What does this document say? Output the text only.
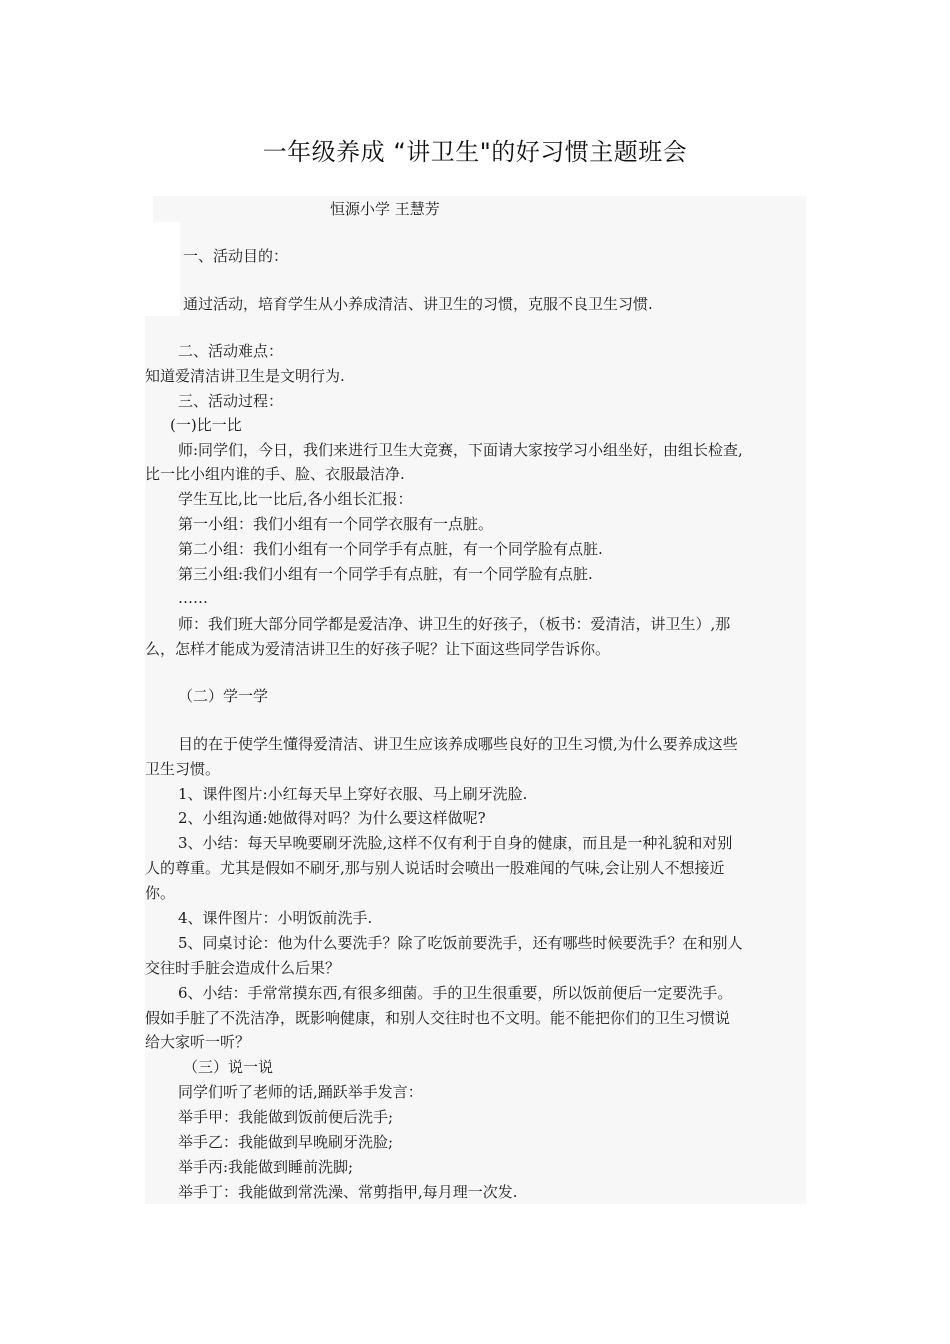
一年级养成 “讲卫生"的好习惯主题班会
恒源小学 王慧芳
一、活动目的：
通过活动，培育学生从小养成清洁、讲卫生的习惯，克服不良卫生习惯.
二、活动难点：
知道爱清洁讲卫生是文明行为.
三、活动过程：
(一)比一比
师:同学们，今日，我们来进行卫生大竞赛，下面请大家按学习小组坐好，由组长检查,
比一比小组内谁的手、脸、衣服最洁净.
学生互比,比一比后,各小组长汇报：
第一小组：我们小组有一个同学衣服有一点脏。
第二小组：我们小组有一个同学手有点脏，有一个同学脸有点脏.
第三小组:我们小组有一个同学手有点脏，有一个同学脸有点脏.
……
师：我们班大部分同学都是爱洁净、讲卫生的好孩子，（板书：爱清洁，讲卫生）,那
么，怎样才能成为爱清洁讲卫生的好孩子呢？让下面这些同学告诉你。
（二）学一学
目的在于使学生懂得爱清洁、讲卫生应该养成哪些良好的卫生习惯,为什么要养成这些
卫生习惯。
1、课件图片:小红每天早上穿好衣服、马上刷牙洗脸.
2、小组沟通:她做得对吗？为什么要这样做呢?
3、小结：每天早晚要刷牙洗脸,这样不仅有利于自身的健康，而且是一种礼貌和对别
人的尊重。尤其是假如不刷牙,那与别人说话时会喷出一股难闻的气味,会让别人不想接近
你。
4、课件图片：小明饭前洗手.
5、同桌讨论：他为什么要洗手？除了吃饭前要洗手，还有哪些时候要洗手？在和别人
交往时手脏会造成什么后果？
6、小结：手常常摸东西,有很多细菌。手的卫生很重要，所以饭前便后一定要洗手。
假如手脏了不洗洁净，既影响健康，和别人交往时也不文明。能不能把你们的卫生习惯说
给大家听一听？
（三）说一说
同学们听了老师的话,踊跃举手发言：
举手甲：我能做到饭前便后洗手;
举手乙：我能做到早晚刷牙洗脸;
举手丙:我能做到睡前洗脚;
举手丁：我能做到常洗澡、常剪指甲,每月理一次发.
